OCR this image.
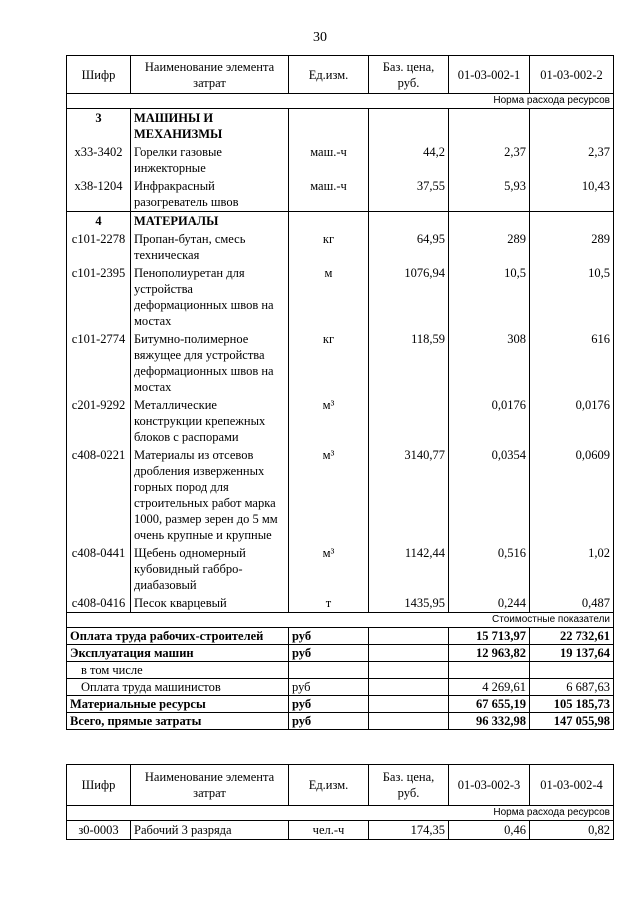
30
Шифр	Наименование элемента затрат	Ед.изм.	Баз. цена, руб.	01-03-002-1	01-03-002-2
Норма расхода ресурсов					
3	МАШИНЫ И МЕХАНИЗМЫ				
х33-3402	Горелки газовые инжекторные	маш.-ч	44,2	2,37	2,37
х38-1204	Инфракрасный разогреватель швов	маш.-ч	37,55	5,93	10,43
4	МАТЕРИАЛЫ				
с101-2278	Пропан-бутан, смесь техническая	кг	64,95	289	289
с101-2395	Пенополиуретан для устройства деформационных швов на мостах	м	1076,94	10,5	10,5
с101-2774	Битумно-полимерное вяжущее для устройства деформационных швов на мостах	кг	118,59	308	616
с201-9292	Металлические конструкции крепежных блоков с распорами	м³		0,0176	0,0176
с408-0221	Материалы из отсевов дробления изверженных горных пород для строительных работ марка 1000, размер зерен до 5 мм очень крупные и крупные	м³	3140,77	0,0354	0,0609
с408-0441	Щебень одномерный кубовидный габбро-диабазовый	м³	1142,44	0,516	1,02
с408-0416	Песок кварцевый	т	1435,95	0,244	0,487
Стоимостные показатели					
Оплата труда рабочих-строителей		руб		15 713,97	22 732,61
Эксплуатация машин		руб		12 963,82	19 137,64
в том числе					
Оплата труда машинистов		руб		4 269,61	6 687,63
Материальные ресурсы		руб		67 655,19	105 185,73
Всего, прямые затраты		руб		96 332,98	147 055,98
Шифр	Наименование элемента затрат	Ед.изм.	Баз. цена, руб.	01-03-002-3	01-03-002-4
Норма расхода ресурсов					
з0-0003	Рабочий 3 разряда	чел.-ч	174,35	0,46	0,82
